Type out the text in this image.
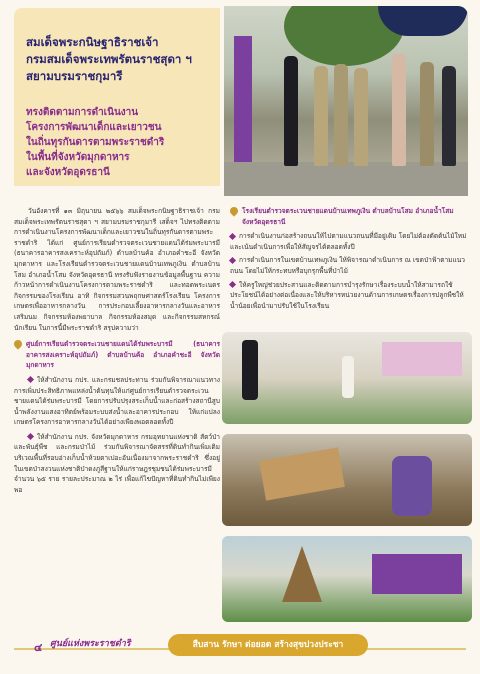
สมเด็จพระกนิษฐาธิราชเจ้า
กรมสมเด็จพระเทพรัตนราชสุดา ฯ
สยามบรมราชกุมารี
ทรงติดตามการดำเนินงาน
โครงการพัฒนาเด็กและเยาวชน
ในถิ่นทุรกันดารตามพระราชดำริ
ในพื้นที่จังหวัดมุกดาหาร
และจังหวัดอุดรธานี

วันอังคารที่ ๑๓ มิถุนายน ๒๕๖๖ สมเด็จพระกนิษฐาธิราชเจ้า กรมสมเด็จพระเทพรัตนราชสุดา ฯ สยามบรมราชกุมารี เสด็จฯ ไปทรงติดตามการดำเนินงานโครงการพัฒนาเด็กและเยาวชนในถิ่นทุรกันดารตามพระราชดำริ ได้แก่ ศูนย์การเรียนตำรวจตระเวนชายแดนได้ร่มพระบารมี (ธนาคารอาคารสงเคราะห์อุปถัมภ์) ตำบลบ้านค้อ อำเภอคำชะอี จังหวัดมุกดาหาร และโรงเรียนตำรวจตระเวนชายแดนบ้านเทพภูเงิน ตำบลบ้านโสม อำเภอน้ำโสม จังหวัดอุดรธานี ทรงรับฟังรายงานข้อมูลพื้นฐาน ความก้าวหน้าการดำเนินงานโครงการตามพระราชดำริ และทอดพระเนตรกิจกรรมของโรงเรียน อาทิ กิจกรรมสวนพฤกษศาสตร์โรงเรียน โครงการเกษตรเพื่ออาหารกลางวัน การประกอบเลี้ยงอาหารกลางวันและอาหารเสริมนม กิจกรรมห้องพยาบาล กิจกรรมห้องสมุด และกิจกรรมสหกรณ์นักเรียน ในการนี้มีพระราชดำริ สรุปความว่า

ศูนย์การเรียนตำรวจตระเวนชายแดนได้ร่มพระบารมี (ธนาคารอาคารสงเคราะห์อุปถัมภ์) ตำบลบ้านค้อ อำเภอคำชะอี จังหวัดมุกดาหาร

ให้สำนักงาน กปร. และกรมชลประทาน ร่วมกันพิจารณาแนวทางการเพิ่มประสิทธิภาพแหล่งน้ำต้นทุนให้แก่ศูนย์การเรียนตำรวจตระเวนชายแดนได้ร่มพระบารมี โดยการปรับปรุงสระเก็บน้ำและก่อสร้างสถานีสูบน้ำพลังงานแสงอาทิตย์พร้อมระบบส่งน้ำและอาคารประกอบ ให้แก่แปลงเกษตรโครงการอาหารกลางวันได้อย่างเพียงพอตลอดทั้งปี

ให้สำนักงาน กปร. จังหวัดมุกดาหาร กรมอุทยานแห่งชาติ สัตว์ป่า และพันธุ์พืช และกรมป่าไม้ ร่วมกันพิจารณาจัดสรรที่ดินทำกินเพิ่มเติมบริเวณพื้นที่รอบอ่างเก็บน้ำห้วยตาเปอะอันเนื่องมาจากพระราชดำริ ซึ่งอยู่ในเขตป่าสงวนแห่งชาติป่าดงภูสีฐานให้แก่ราษฎรชุมชนได้ร่มพระบารมี จำนวน ๖๕ ราย รายละประมาณ ๒ ไร่ เพื่อแก้ไขปัญหาที่ดินทำกินไม่เพียงพอ

โรงเรียนตำรวจตระเวนชายแดนบ้านเทพภูเงิน ตำบลบ้านโสม อำเภอน้ำโสม จังหวัดอุดรธานี

การดำเนินงานก่อสร้างถนนให้ไปตามแนวถนนที่มีอยู่เดิม โดยไม่ต้องตัดต้นไม้ใหม่ และเน้นดำเนินการเพื่อให้สัญจรได้ตลอดทั้งปี

การดำเนินการในเขตบ้านเทพภูเงิน ให้พิจารณาดำเนินการ ณ เขตป่าฟ้าตามแนวถนน โดยไม่ให้กระทบหรือบุกรุกพื้นที่ป่าไม้

ให้ครูใหญ่ช่วยประสานและติดตามการบำรุงรักษาเรื่องระบบน้ำให้สามารถใช้ประโยชน์ได้อย่างต่อเนื่องและให้บริหารหน่วยงานด้านการเกษตรเรื่องการปลูกพืชให้น้ำน้อยเพื่อนำมาปรับใช้ในโรงเรียน

๔ ศูนย์แห่งพระราชดำริ	สืบสาน รักษา ต่อยอด สร้างสุขปวงประชา
